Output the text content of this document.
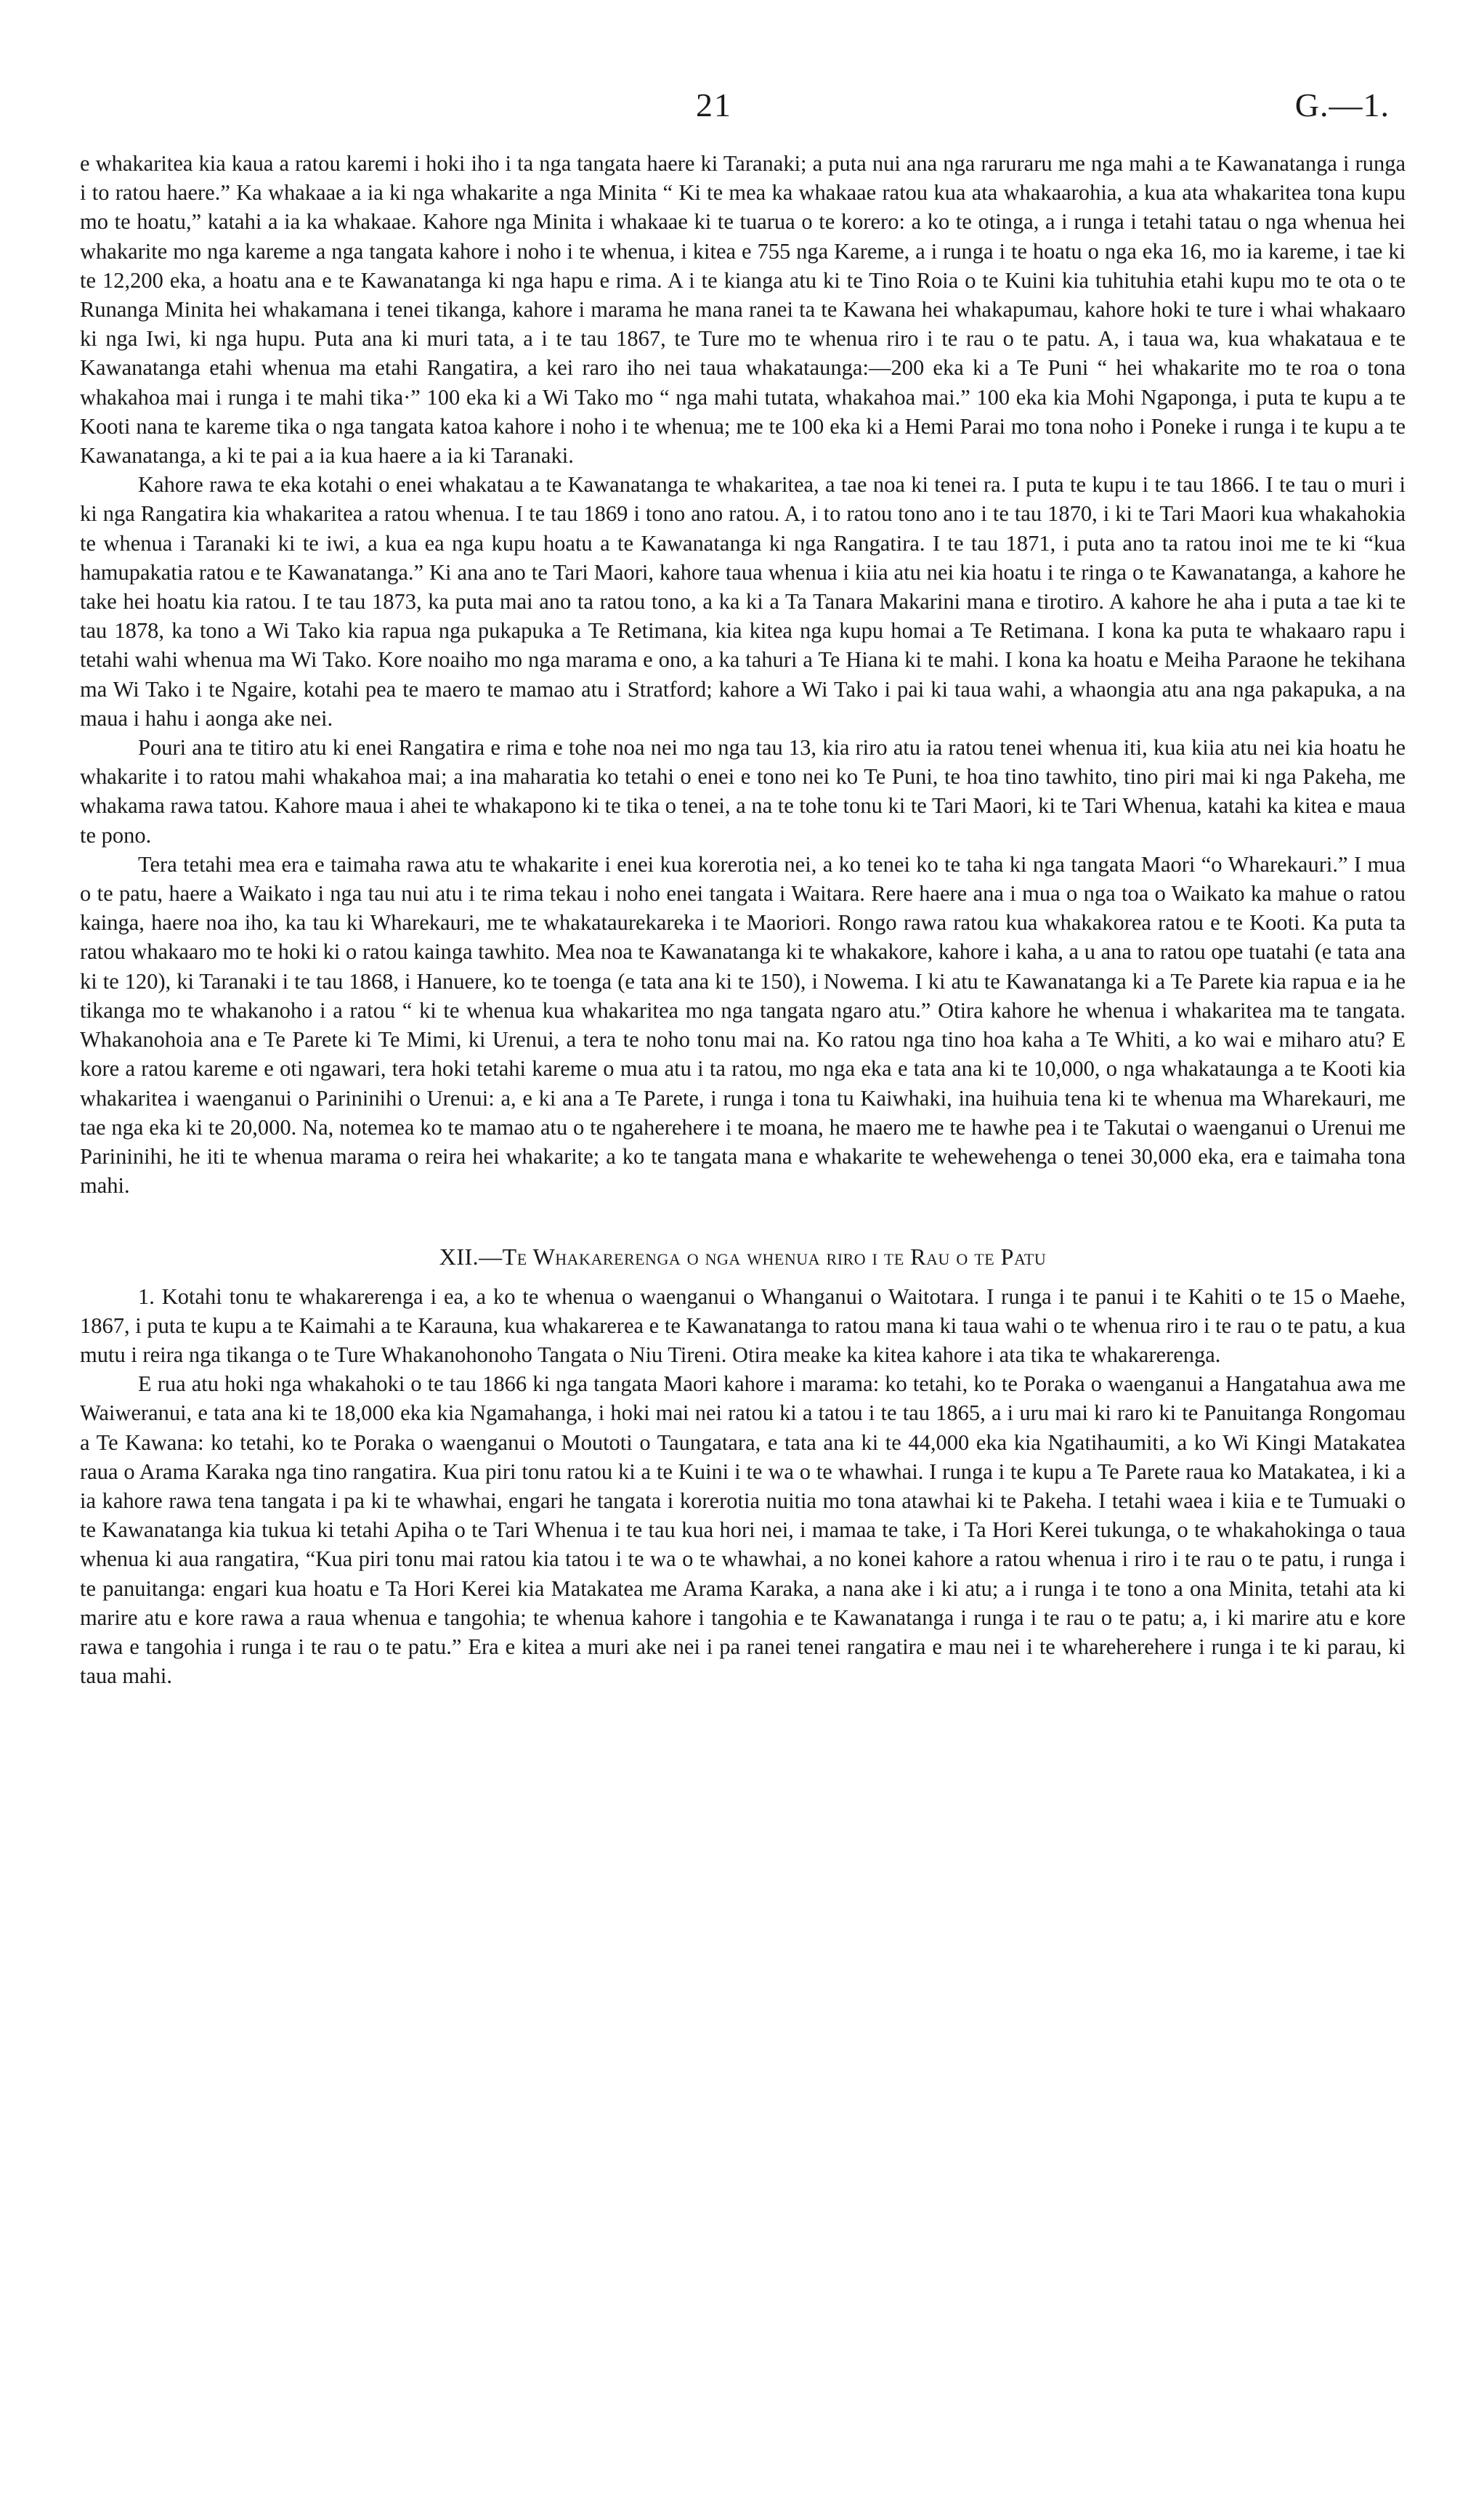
21	G.—1.

e whakaritea kia kaua a ratou karemi i hoki iho i ta nga tangata haere ki Taranaki; a puta nui ana nga raruraru me nga mahi a te Kawanatanga i runga i to ratou haere.” Ka whakaae a ia ki nga whakarite a nga Minita “ Ki te mea ka whakaae ratou kua ata whakaarohia, a kua ata whakaritea tona kupu mo te hoatu,” katahi a ia ka whakaae. Kahore nga Minita i whakaae ki te tuarua o te korero: a ko te otinga, a i runga i tetahi tatau o nga whenua hei whakarite mo nga kareme a nga tangata kahore i noho i te whenua, i kitea e 755 nga Kareme, a i runga i te hoatu o nga eka 16, mo ia kareme, i tae ki te 12,200 eka, a hoatu ana e te Kawanatanga ki nga hapu e rima. A i te kianga atu ki te Tino Roia o te Kuini kia tuhituhia etahi kupu mo te ota o te Runanga Minita hei whakamana i tenei tikanga, kahore i marama he mana ranei ta te Kawana hei whakapumau, kahore hoki te ture i whai whakaaro ki nga Iwi, ki nga hupu. Puta ana ki muri tata, a i te tau 1867, te Ture mo te whenua riro i te rau o te patu. A, i taua wa, kua whakataua e te Kawanatanga etahi whenua ma etahi Rangatira, a kei raro iho nei taua whakataunga:—200 eka ki a Te Puni “ hei whakarite mo te roa o tona whakahoa mai i runga i te mahi tika·” 100 eka ki a Wi Tako mo “ nga mahi tutata, whakahoa mai.” 100 eka kia Mohi Ngaponga, i puta te kupu a te Kooti nana te kareme tika o nga tangata katoa kahore i noho i te whenua; me te 100 eka ki a Hemi Parai mo tona noho i Poneke i runga i te kupu a te Kawanatanga, a ki te pai a ia kua haere a ia ki Taranaki.

Kahore rawa te eka kotahi o enei whakatau a te Kawanatanga te whakaritea, a tae noa ki tenei ra. I puta te kupu i te tau 1866. I te tau o muri i ki nga Rangatira kia whakaritea a ratou whenua. I te tau 1869 i tono ano ratou. A, i to ratou tono ano i te tau 1870, i ki te Tari Maori kua whakahokia te whenua i Taranaki ki te iwi, a kua ea nga kupu hoatu a te Kawanatanga ki nga Rangatira. I te tau 1871, i puta ano ta ratou inoi me te ki “kua hamupakatia ratou e te Kawanatanga.” Ki ana ano te Tari Maori, kahore taua whenua i kiia atu nei kia hoatu i te ringa o te Kawanatanga, a kahore he take hei hoatu kia ratou. I te tau 1873, ka puta mai ano ta ratou tono, a ka ki a Ta Tanara Makarini mana e tirotiro. A kahore he aha i puta a tae ki te tau 1878, ka tono a Wi Tako kia rapua nga pukapuka a Te Retimana, kia kitea nga kupu homai a Te Retimana. I kona ka puta te whakaaro rapu i tetahi wahi whenua ma Wi Tako. Kore noaiho mo nga marama e ono, a ka tahuri a Te Hiana ki te mahi. I kona ka hoatu e Meiha Paraone he tekihana ma Wi Tako i te Ngaire, kotahi pea te maero te mamao atu i Stratford; kahore a Wi Tako i pai ki taua wahi, a whaongia atu ana nga pakapuka, a na maua i hahu i aonga ake nei.

Pouri ana te titiro atu ki enei Rangatira e rima e tohe noa nei mo nga tau 13, kia riro atu ia ratou tenei whenua iti, kua kiia atu nei kia hoatu he whakarite i to ratou mahi whakahoa mai; a ina maharatia ko tetahi o enei e tono nei ko Te Puni, te hoa tino tawhito, tino piri mai ki nga Pakeha, me whakama rawa tatou. Kahore maua i ahei te whakapono ki te tika o tenei, a na te tohe tonu ki te Tari Maori, ki te Tari Whenua, katahi ka kitea e maua te pono.

Tera tetahi mea era e taimaha rawa atu te whakarite i enei kua korerotia nei, a ko tenei ko te taha ki nga tangata Maori “o Wharekauri.” I mua o te patu, haere a Waikato i nga tau nui atu i te rima tekau i noho enei tangata i Waitara. Rere haere ana i mua o nga toa o Waikato ka mahue o ratou kainga, haere noa iho, ka tau ki Wharekauri, me te whakataurekareka i te Maoriori. Rongo rawa ratou kua whakakorea ratou e te Kooti. Ka puta ta ratou whakaaro mo te hoki ki o ratou kainga tawhito. Mea noa te Kawanatanga ki te whakakore, kahore i kaha, a u ana to ratou ope tuatahi (e tata ana ki te 120), ki Taranaki i te tau 1868, i Hanuere, ko te toenga (e tata ana ki te 150), i Nowema. I ki atu te Kawanatanga ki a Te Parete kia rapua e ia he tikanga mo te whakanoho i a ratou “ ki te whenua kua whakaritea mo nga tangata ngaro atu.” Otira kahore he whenua i whakaritea ma te tangata. Whakanohoia ana e Te Parete ki Te Mimi, ki Urenui, a tera te noho tonu mai na. Ko ratou nga tino hoa kaha a Te Whiti, a ko wai e miharo atu? E kore a ratou kareme e oti ngawari, tera hoki tetahi kareme o mua atu i ta ratou, mo nga eka e tata ana ki te 10,000, o nga whakataunga a te Kooti kia whakaritea i waenganui o Parininihi o Urenui: a, e ki ana a Te Parete, i runga i tona tu Kaiwhaki, ina huihuia tena ki te whenua ma Wharekauri, me tae nga eka ki te 20,000. Na, notemea ko te mamao atu o te ngaherehere i te moana, he maero me te hawhe pea i te Takutai o waenganui o Urenui me Parininihi, he iti te whenua marama o reira hei whakarite; a ko te tangata mana e whakarite te wehewehenga o tenei 30,000 eka, era e taimaha tona mahi.

XII.—Te Whakarerenga o nga whenua riro i te Rau o te Patu

1. Kotahi tonu te whakarerenga i ea, a ko te whenua o waenganui o Whanganui o Waitotara. I runga i te panui i te Kahiti o te 15 o Maehe, 1867, i puta te kupu a te Kaimahi a te Karauna, kua whakarerea e te Kawanatanga to ratou mana ki taua wahi o te whenua riro i te rau o te patu, a kua mutu i reira nga tikanga o te Ture Whakanohonoho Tangata o Niu Tireni. Otira meake ka kitea kahore i ata tika te whakarerenga.

E rua atu hoki nga whakahoki o te tau 1866 ki nga tangata Maori kahore i marama: ko tetahi, ko te Poraka o waenganui a Hangatahua awa me Waiweranui, e tata ana ki te 18,000 eka kia Ngamahanga, i hoki mai nei ratou ki a tatou i te tau 1865, a i uru mai ki raro ki te Panuitanga Rongomau a Te Kawana: ko tetahi, ko te Poraka o waenganui o Moutoti o Taungatara, e tata ana ki te 44,000 eka kia Ngatihaumiti, a ko Wi Kingi Matakatea raua o Arama Karaka nga tino rangatira. Kua piri tonu ratou ki a te Kuini i te wa o te whawhai. I runga i te kupu a Te Parete raua ko Matakatea, i ki a ia kahore rawa tena tangata i pa ki te whawhai, engari he tangata i korerotia nuitia mo tona atawhai ki te Pakeha. I tetahi waea i kiia e te Tumuaki o te Kawanatanga kia tukua ki tetahi Apiha o te Tari Whenua i te tau kua hori nei, i mamaa te take, i Ta Hori Kerei tukunga, o te whakahokinga o taua whenua ki aua rangatira, “Kua piri tonu mai ratou kia tatou i te wa o te whawhai, a no konei kahore a ratou whenua i riro i te rau o te patu, i runga i te panuitanga: engari kua hoatu e Ta Hori Kerei kia Matakatea me Arama Karaka, a nana ake i ki atu; a i runga i te tono a ona Minita, tetahi ata ki marire atu e kore rawa a raua whenua e tangohia; te whenua kahore i tangohia e te Kawanatanga i runga i te rau o te patu; a, i ki marire atu e kore rawa e tangohia i runga i te rau o te patu.” Era e kitea a muri ake nei i pa ranei tenei rangatira e mau nei i te whareherehere i runga i te ki parau, ki taua mahi.
